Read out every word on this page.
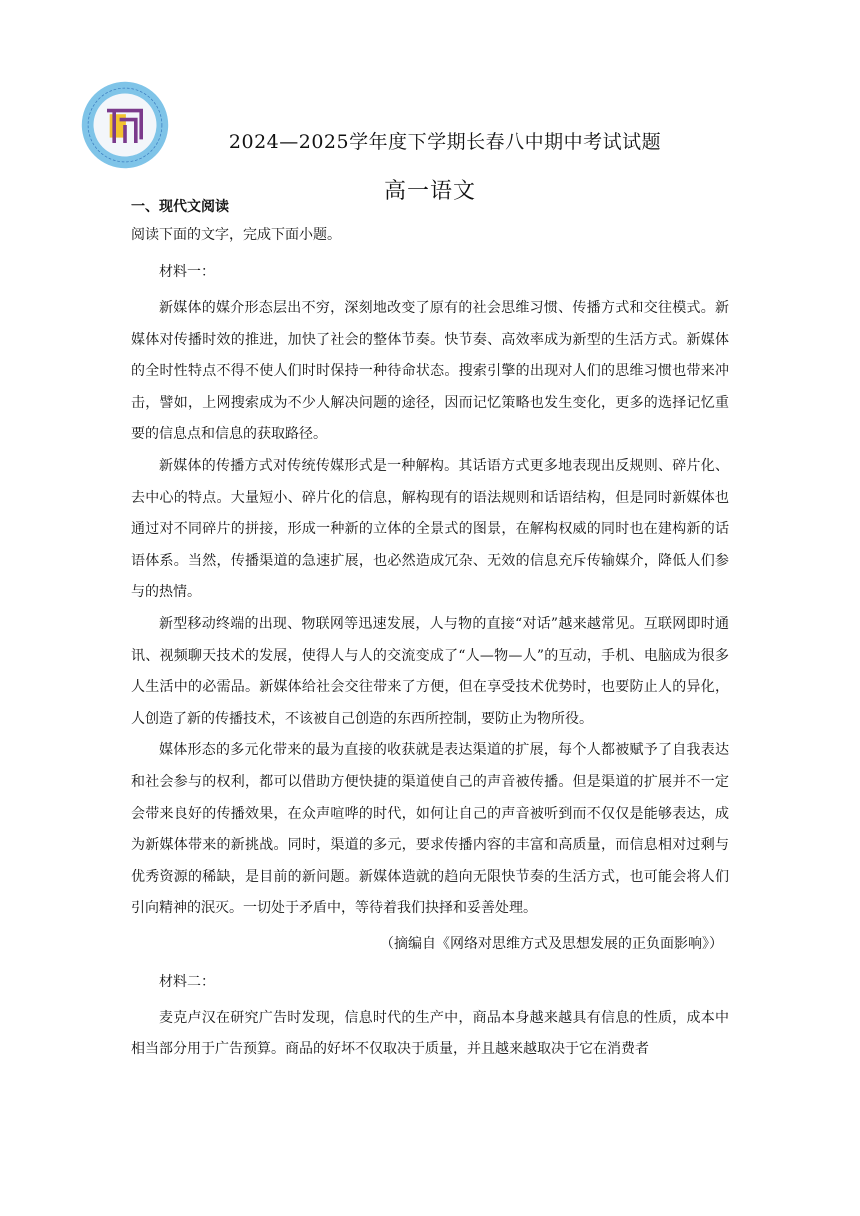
2024—2025学年度下学期长春八中期中考试试题
高一语文
一、现代文阅读

阅读下面的文字，完成下面小题。

材料一：

新媒体的媒介形态层出不穷，深刻地改变了原有的社会思维习惯、传播方式和交往模式。新媒体对传播时效的推进，加快了社会的整体节奏。快节奏、高效率成为新型的生活方式。新媒体的全时性特点不得不使人们时时保持一种待命状态。搜索引擎的出现对人们的思维习惯也带来冲击，譬如，上网搜索成为不少人解决问题的途径，因而记忆策略也发生变化，更多的选择记忆重要的信息点和信息的获取路径。

新媒体的传播方式对传统传媒形式是一种解构。其话语方式更多地表现出反规则、碎片化、去中心的特点。大量短小、碎片化的信息，解构现有的语法规则和话语结构，但是同时新媒体也通过对不同碎片的拼接，形成一种新的立体的全景式的图景，在解构权威的同时也在建构新的话语体系。当然，传播渠道的急速扩展，也必然造成冗杂、无效的信息充斥传输媒介，降低人们参与的热情。

新型移动终端的出现、物联网等迅速发展，人与物的直接“对话”越来越常见。互联网即时通讯、视频聊天技术的发展，使得人与人的交流变成了“人—物—人”的互动，手机、电脑成为很多人生活中的必需品。新媒体给社会交往带来了方便，但在享受技术优势时，也要防止人的异化，人创造了新的传播技术，不该被自己创造的东西所控制，要防止为物所役。

媒体形态的多元化带来的最为直接的收获就是表达渠道的扩展，每个人都被赋予了自我表达和社会参与的权利，都可以借助方便快捷的渠道使自己的声音被传播。但是渠道的扩展并不一定会带来良好的传播效果，在众声喧哗的时代，如何让自己的声音被听到而不仅仅是能够表达，成为新媒体带来的新挑战。同时，渠道的多元，要求传播内容的丰富和高质量，而信息相对过剩与优秀资源的稀缺，是目前的新问题。新媒体造就的趋向无限快节奏的生活方式，也可能会将人们引向精神的泯灭。一切处于矛盾中，等待着我们抉择和妥善处理。

（摘编自《网络对思维方式及思想发展的正负面影响》）

材料二：

麦克卢汉在研究广告时发现，信息时代的生产中，商品本身越来越具有信息的性质，成本中相当部分用于广告预算。商品的好坏不仅取决于质量，并且越来越取决于它在消费者
